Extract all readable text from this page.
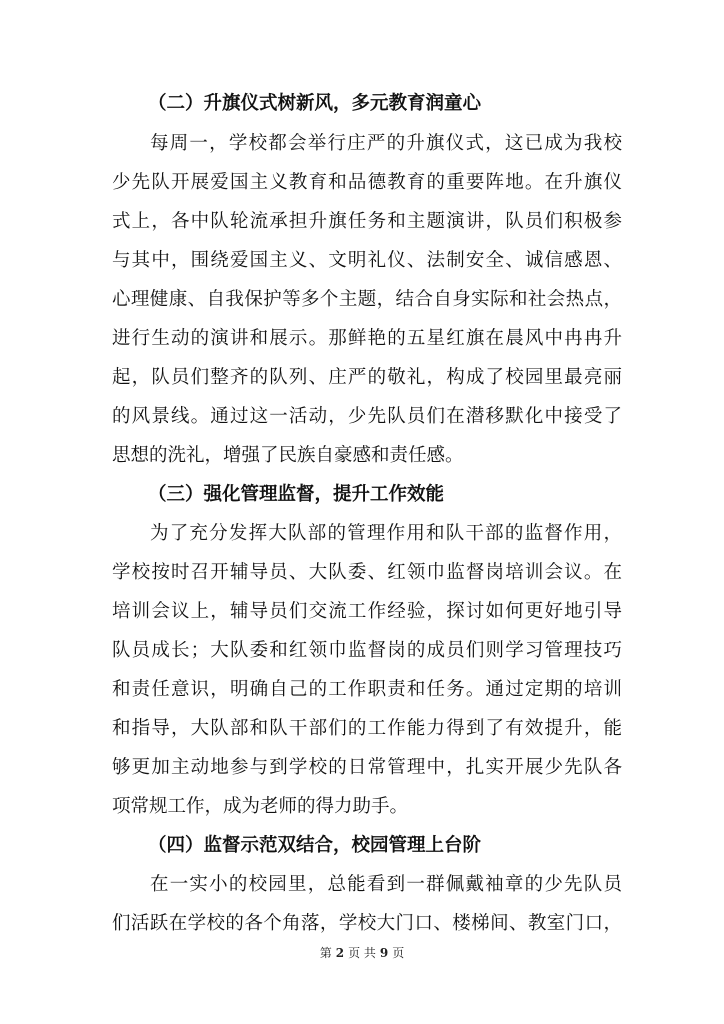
（二）升旗仪式树新风，多元教育润童心
每周一，学校都会举行庄严的升旗仪式，这已成为我校
少先队开展爱国主义教育和品德教育的重要阵地。在升旗仪
式上，各中队轮流承担升旗任务和主题演讲，队员们积极参
与其中，围绕爱国主义、文明礼仪、法制安全、诚信感恩、
心理健康、自我保护等多个主题，结合自身实际和社会热点，
进行生动的演讲和展示。那鲜艳的五星红旗在晨风中冉冉升
起，队员们整齐的队列、庄严的敬礼，构成了校园里最亮丽
的风景线。通过这一活动，少先队员们在潜移默化中接受了
思想的洗礼，增强了民族自豪感和责任感。
（三）强化管理监督，提升工作效能
为了充分发挥大队部的管理作用和队干部的监督作用，
学校按时召开辅导员、大队委、红领巾监督岗培训会议。在
培训会议上，辅导员们交流工作经验，探讨如何更好地引导
队员成长；大队委和红领巾监督岗的成员们则学习管理技巧
和责任意识，明确自己的工作职责和任务。通过定期的培训
和指导，大队部和队干部们的工作能力得到了有效提升，能
够更加主动地参与到学校的日常管理中，扎实开展少先队各
项常规工作，成为老师的得力助手。
（四）监督示范双结合，校园管理上台阶
在一实小的校园里，总能看到一群佩戴袖章的少先队员
们活跃在学校的各个角落，学校大门口、楼梯间、教室门口，
第 2 页 共 9 页
